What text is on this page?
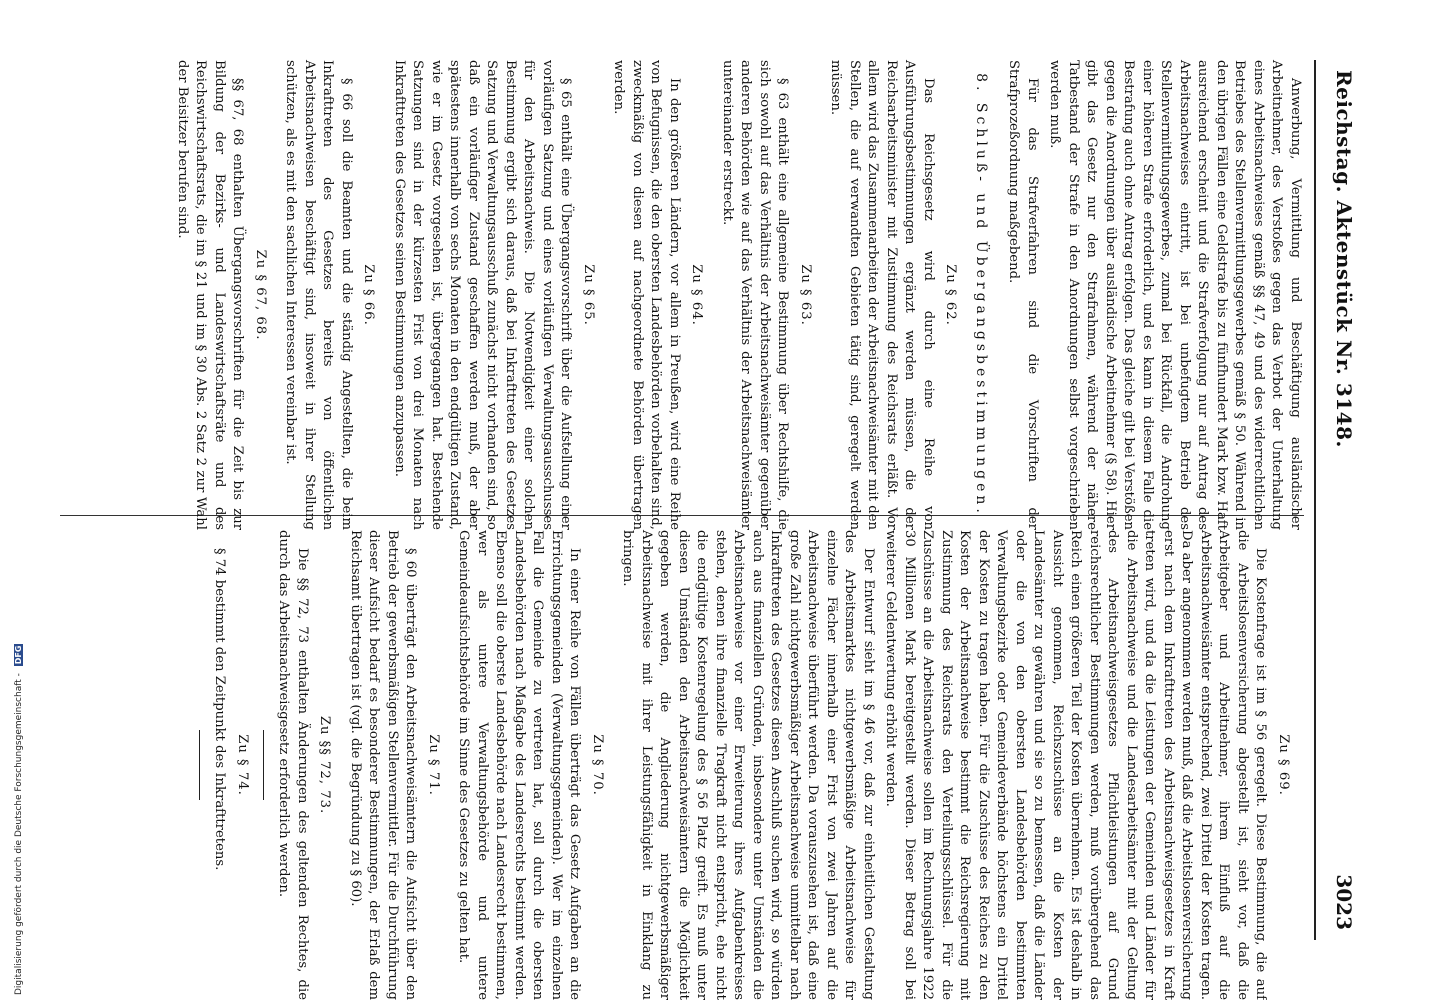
Reichstag. Aktenstück Nr. 3148.
3023

Anwerbung, Vermittlung und Beschäftigung ausländischer Arbeitnehmer, des Verstoßes gegen das Verbot der Unterhaltung eines Arbeitsnachweises gemäß §§ 47, 49 und des widerrechtlichen Betriebes des Stellenvermittlungsgewerbes gemäß § 50. Während in den übrigen Fällen eine Geldstrafe bis zu fünfhundert Mark bzw. Haft ausreichend erscheint und die Strafverfolgung nur auf Antrag des Arbeitsnachweises eintritt, ist bei unbefugtem Betrieb des Stellenvermittlungsgewerbes, zumal bei Rückfall, die Androhung einer höheren Strafe erforderlich, und es kann in diesem Falle die Bestrafung auch ohne Antrag erfolgen. Das gleiche gilt bei Verstößen gegen die Anordnungen über ausländische Arbeitnehmer (§ 58). Hier gibt das Gesetz nur den Strafrahmen, während der nähere Tatbestand der Strafe in den Anordnungen selbst vorgeschrieben werden muß.

Für das Strafverfahren sind die Vorschriften der Strafprozeßordnung maßgebend.

8. Schluß- und Übergangsbestimmungen.
Zu § 62.

Das Reichsgesetz wird durch eine Reihe von Ausführungsbestimmungen ergänzt werden müssen, die der Reichsarbeitsminister mit Zustimmung des Reichsrats erläßt. Vor allem wird das Zusammenarbeiten der Arbeitsnachweisämter mit den Stellen, die auf verwandten Gebieten tätig sind, geregelt werden müssen.

Zu § 63.

§ 63 enthält eine allgemeine Bestimmung über Rechtshilfe, die sich sowohl auf das Verhältnis der Arbeitsnachweisämter gegenüber anderen Behörden wie auf das Verhältnis der Arbeitsnachweisämter untereinander erstreckt.

Zu § 64.

In den größeren Ländern, vor allem in Preußen, wird eine Reihe von Befugnissen, die den obersten Landesbehörden vorbehalten sind, zweckmäßig von diesen auf nachgeordnete Behörden übertragen werden.

Zu § 65.

§ 65 enthält eine Übergangsvorschrift über die Aufstellung einer vorläufigen Satzung und eines vorläufigen Verwaltungsausschusses für den Arbeitsnachweis. Die Notwendigkeit einer solchen Bestimmung ergibt sich daraus, daß bei Inkrafttreten des Gesetzes Satzung und Verwaltungsausschuß zunächst nicht vorhanden sind, so daß ein vorläufiger Zustand geschaffen werden muß, der aber spätestens innerhalb von sechs Monaten in den endgültigen Zustand, wie er im Gesetz vorgesehen ist, übergegangen hat. Bestehende Satzungen sind in der kürzesten Frist von drei Monaten nach Inkrafttreten des Gesetzes seinen Bestimmungen anzupassen.

Zu § 66.

§ 66 soll die Beamten und die ständig Angestellten, die beim Inkrafttreten des Gesetzes bereits von öffentlichen Arbeitsnachweisen beschäftigt sind, insoweit in ihrer Stellung schützen, als es mit den sachlichen Interessen vereinbar ist.

Zu § 67, 68.

§§ 67, 68 enthalten Übergangsvorschriften für die Zeit bis zur Bildung der Bezirks- und Landeswirtschaftsräte und des Reichswirtschaftsrats, die im § 21 und im § 30 Abs. 2 Satz 2 zur Wahl der Beisitzer berufen sind.

Zu § 69.

Die Kostenfrage ist im § 56 geregelt. Diese Bestimmung, die auf die Arbeitslosenversicherung abgestellt ist, sieht vor, daß die Arbeitgeber und Arbeitnehmer, ihrem Einfluß auf die Arbeitsnachweisämter entsprechend, zwei Drittel der Kosten tragen. Da aber angenommen werden muß, daß die Arbeitslosenversicherung erst nach dem Inkrafttreten des Arbeitsnachweisgesetzes in Kraft treten wird, und da die Leistungen der Gemeinden und Länder für die Arbeitsnachweise und die Landesarbeitsämter mit der Geltung des Arbeitsnachweisgesetzes Pflichtleistungen auf Grund reichsrechtlicher Bestimmungen werden, muß vorübergehend das Reich einen größeren Teil der Kosten übernehmen. Es ist deshalb in Aussicht genommen, Reichszuschüsse an die Kosten der Landesämter zu gewähren und sie so zu bemessen, daß die Länder oder die von den obersten Landesbehörden bestimmten Verwaltungsbezirke oder Gemeindeverbände höchstens ein Drittel der Kosten zu tragen haben. Für die Zuschüsse des Reiches zu den Kosten der Arbeitsnachweise bestimmt die Reichsregierung mit Zustimmung des Reichsrats den Verteilungsschlüssel. Für die Zuschüsse an die Arbeitsnachweise sollen im Rechnungsjahre 1922 30 Millionen Mark bereitgestellt werden. Dieser Betrag soll bei weiterer Geldentwertung erhöht werden.

Der Entwurf sieht im § 46 vor, daß zur einheitlichen Gestaltung des Arbeitsmarktes nichtgewerbsmäßige Arbeitsnachweise für einzelne Fächer innerhalb einer Frist von zwei Jahren auf die Arbeitsnachweise überführt werden. Da vorauszusehen ist, daß eine große Zahl nichtgewerbsmäßiger Arbeitsnachweise unmittelbar nach Inkrafttreten des Gesetzes diesen Anschluß suchen wird, so würden auch aus finanziellen Gründen, insbesondere unter Umständen die Arbeitsnachweise vor einer Erweiterung ihres Aufgabenkreises stehen, denen ihre finanzielle Tragkraft nicht entspricht, ehe nicht die endgültige Kostenregelung des § 56 Platz greift. Es muß unter diesen Umständen den Arbeitsnachweisämtern die Möglichkeit gegeben werden, die Angliederung nichtgewerbsmäßiger Arbeitsnachweise mit ihrer Leistungsfähigkeit in Einklang zu bringen.

Zu § 70.

In einer Reihe von Fällen überträgt das Gesetz Aufgaben an die Errichtungsgemeinden (Verwaltungsgemeinden). Wer im einzelnen Fall die Gemeinde zu vertreten hat, soll durch die obersten Landesbehörden nach Maßgabe des Landesrechts bestimmt werden. Ebenso soll die oberste Landesbehörde nach Landesrecht bestimmen, wer als untere Verwaltungsbehörde und untere Gemeindeaufsichtsbehörde im Sinne des Gesetzes zu gelten hat.

Zu § 71.

§ 60 überträgt den Arbeitsnachweisämtern die Aufsicht über den Betrieb der gewerbsmäßigen Stellenvermittler. Für die Durchführung dieser Aufsicht bedarf es besonderer Bestimmungen, der Erlaß dem Reichsamt übertragen ist (vgl. die Begründung zu § 60).

Zu §§ 72, 73.

Die §§ 72, 73 enthalten Änderungen des geltenden Rechtes, die durch das Arbeitsnachweisgesetz erforderlich werden.

Zu § 74.

§ 74 bestimmt den Zeitpunkt des Inkrafttretens.

Digitalisierung gefördert durch die Deutsche Forschungsgemeinschaft - DFG
